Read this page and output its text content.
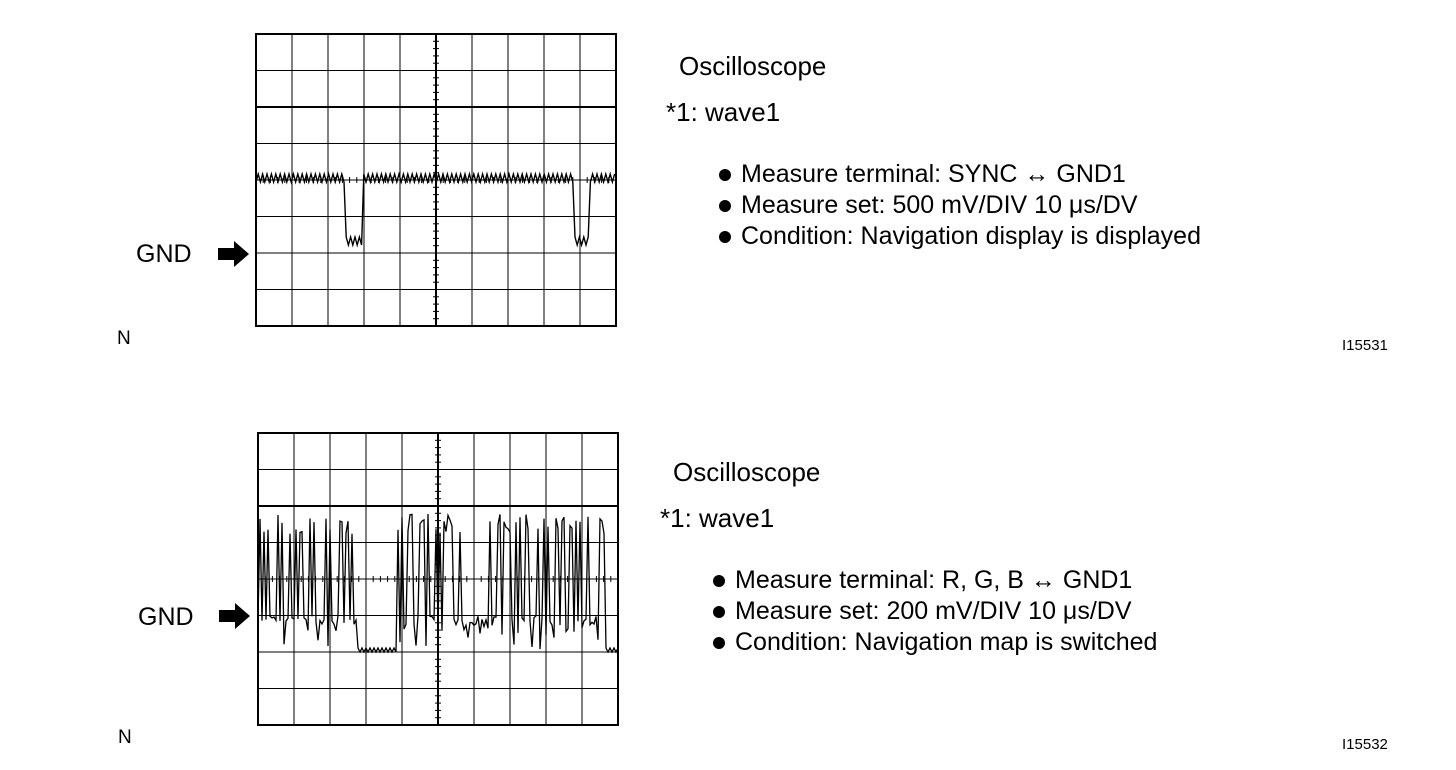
GND
N
Oscilloscope
*1: wave1
Measure terminal: SYNC ↔ GND1
Measure set: 500 mV/DIV 10 μs/DV
Condition: Navigation display is displayed
I15531
GND
N
Oscilloscope
*1: wave1
Measure terminal: R, G, B ↔ GND1
Measure set: 200 mV/DIV 10 μs/DV
Condition: Navigation map is switched
I15532
